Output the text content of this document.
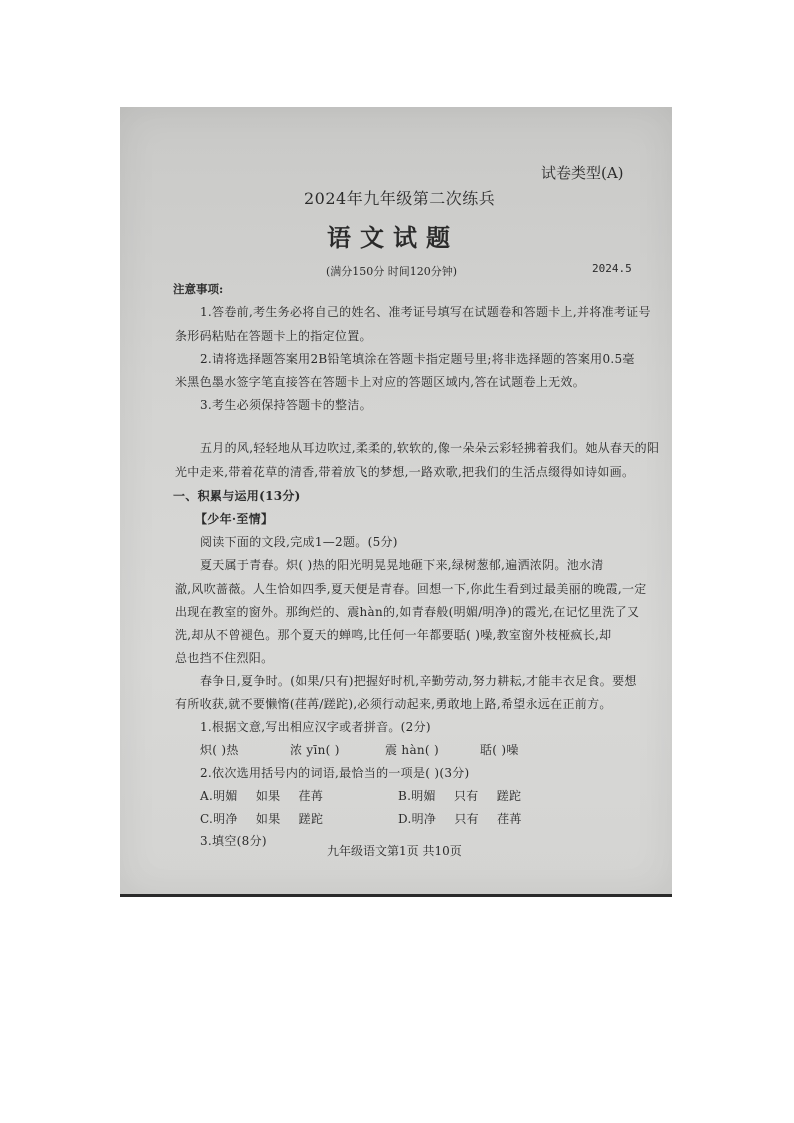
试卷类型(A)
2024年九年级第二次练兵
语文试题
(满分150分 时间120分钟)	2024.5
注意事项:
1.答卷前,考生务必将自己的姓名、准考证号填写在试题卷和答题卡上,并将准考证号
条形码粘贴在答题卡上的指定位置。
2.请将选择题答案用2B铅笔填涂在答题卡指定题号里;将非选择题的答案用0.5毫
米黑色墨水签字笔直接答在答题卡上对应的答题区域内,答在试题卷上无效。
3.考生必须保持答题卡的整洁。
五月的风,轻轻地从耳边吹过,柔柔的,软软的,像一朵朵云彩轻拂着我们。她从春天的阳
光中走来,带着花草的清香,带着放飞的梦想,一路欢歌,把我们的生活点缀得如诗如画。
一、积累与运用(13分)
【少年·至情】
阅读下面的文段,完成1—2题。(5分)
夏天属于青春。炽( )热的阳光明晃晃地砸下来,绿树葱郁,遍洒浓阴。池水清
澈,风吹蔷薇。人生恰如四季,夏天便是青春。回想一下,你此生看到过最美丽的晚霞,一定
出现在教室的窗外。那绚烂的、震hàn的,如青春般(明媚/明净)的霞光,在记忆里洗了又
洗,却从不曾褪色。那个夏天的蝉鸣,比任何一年都要聒( )噪,教室窗外枝桠疯长,却
总也挡不住烈阳。
春争日,夏争时。(如果/只有)把握好时机,辛勤劳动,努力耕耘,才能丰衣足食。要想
有所收获,就不要懒惰(荏苒/蹉跎),必须行动起来,勇敢地上路,希望永远在正前方。
1.根据文意,写出相应汉字或者拼音。(2分)
炽( )热	浓 yīn( )	震 hàn( )	聒( )噪
2.依次选用括号内的词语,最恰当的一项是( )(3分)
A.明媚 如果 荏苒	B.明媚 只有 蹉跎
C.明净 如果 蹉跎	D.明净 只有 荏苒
3.填空(8分)
九年级语文第1页 共10页
